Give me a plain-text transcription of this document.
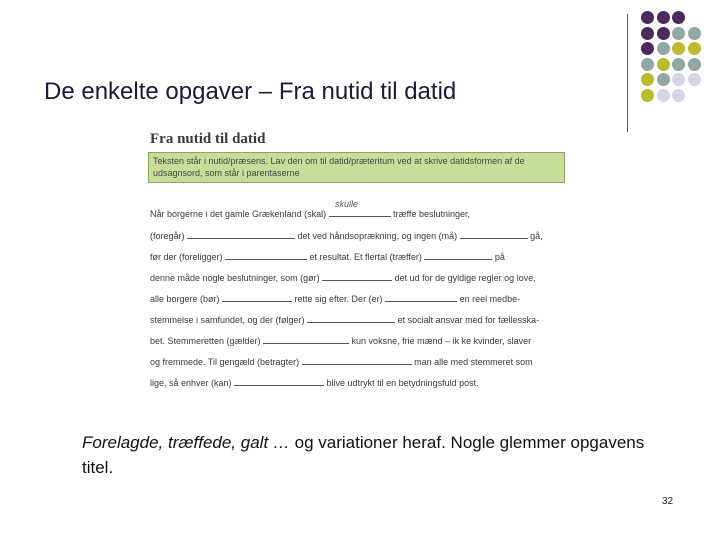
De enkelte opgaver – Fra nutid til datid
Fra nutid til datid
Teksten står i nutid/præsens. Lav den om til datid/præteritum ved at skrive datidsformen af de udsagnsord, som står i parentaserne
Når borgerne i det gamle Grækenland (skal)	træffe beslutninger,
(foregår)	det ved håndsoprækning, og ingen (må)	gå,
før der (foreligger)	et resultat. Et flertal (træffer)	på
denne måde nogle beslutninger, som (gør)	det ud for de gyldige regler og love,
alle borgere (bør)	rette sig efter. Der (er)	en reel medbe-
stemmelse i samfundet, og der (følger)	et socialt ansvar med for fællesska-
bet. Stemmeretten (gælder)	kun voksne, frie mænd – ik ke kvinder, slaver
og fremmede. Til gengæld (betragter)	man alle med stemmeret som
lige, så enhver (kan)	blive udtrykt til en betydningsfuld post.
skulle
Forelagde, træffede, galt … og variationer heraf. Nogle glemmer opgavens titel.
32
